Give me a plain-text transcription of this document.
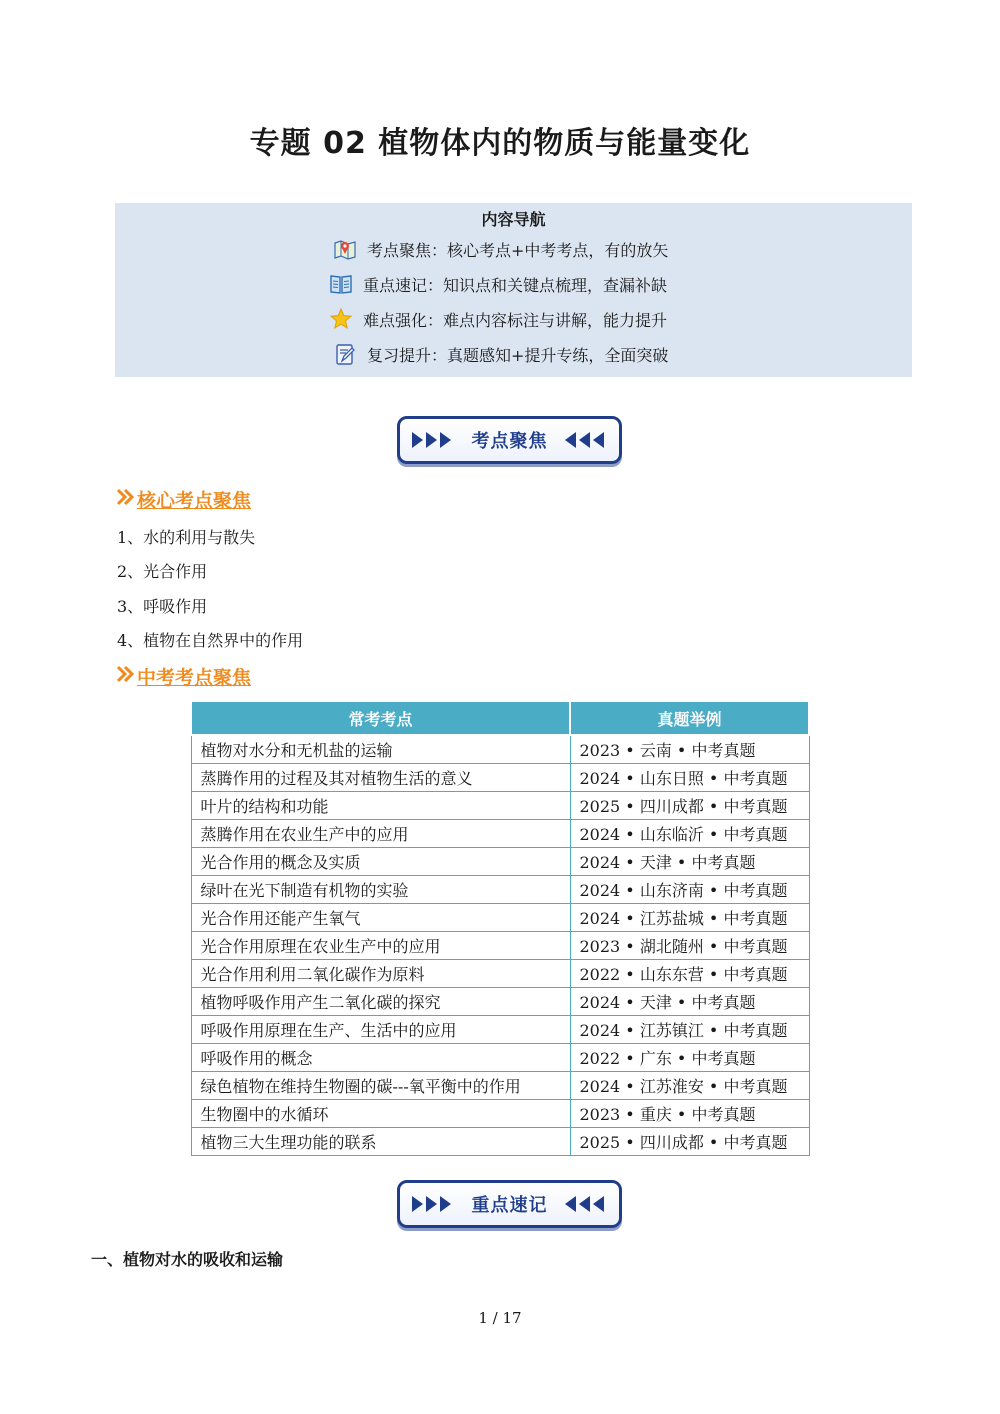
专题 02 植物体内的物质与能量变化
内容导航
考点聚焦：核心考点+中考考点，有的放矢
重点速记：知识点和关键点梳理，查漏补缺
难点强化：难点内容标注与讲解，能力提升
复习提升：真题感知+提升专练，全面突破
考点聚焦
核心考点聚焦
1、水的利用与散失
2、光合作用
3、呼吸作用
4、植物在自然界中的作用
中考考点聚焦
常考考点	真题举例
植物对水分和无机盐的运输	2023 • 云南 • 中考真题
蒸腾作用的过程及其对植物生活的意义	2024 • 山东日照 • 中考真题
叶片的结构和功能	2025 • 四川成都 • 中考真题
蒸腾作用在农业生产中的应用	2024 • 山东临沂 • 中考真题
光合作用的概念及实质	2024 • 天津 • 中考真题
绿叶在光下制造有机物的实验	2024 • 山东济南 • 中考真题
光合作用还能产生氧气	2024 • 江苏盐城 • 中考真题
光合作用原理在农业生产中的应用	2023 • 湖北随州 • 中考真题
光合作用利用二氧化碳作为原料	2022 • 山东东营 • 中考真题
植物呼吸作用产生二氧化碳的探究	2024 • 天津 • 中考真题
呼吸作用原理在生产、生活中的应用	2024 • 江苏镇江 • 中考真题
呼吸作用的概念	2022 • 广东 • 中考真题
绿色植物在维持生物圈的碳---氧平衡中的作用	2024 • 江苏淮安 • 中考真题
生物圈中的水循环	2023 • 重庆 • 中考真题
植物三大生理功能的联系	2025 • 四川成都 • 中考真题
重点速记
一、植物对水的吸收和运输
1 / 17
